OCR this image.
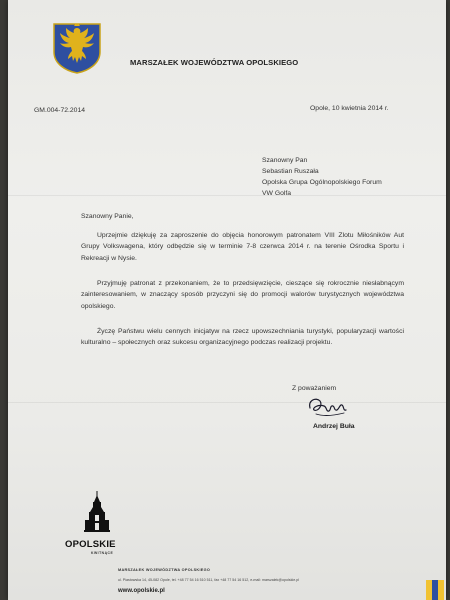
MARSZAŁEK WOJEWÓDZTWA OPOLSKIEGO
GM.004-72.2014	Opole, 10 kwietnia 2014 r.
Szanowny Pan
Sebastian Ruszała
Opolska Grupa Ogólnopolskiego Forum
VW Golfa
Szanowny Panie,

Uprzejmie dziękuję za zaproszenie do objęcia honorowym patronatem VIII Zlotu Miłośników Aut Grupy Volkswagena, który odbędzie się w terminie 7-8 czerwca 2014 r. na terenie Ośrodka Sportu i Rekreacji w Nysie.

Przyjmuję patronat z przekonaniem, że to przedsięwzięcie, cieszące się rokrocznie niesłabnącym zainteresowaniem, w znaczący sposób przyczyni się do promocji walorów turystycznych województwa opolskiego.

Życzę Państwu wielu cennych inicjatyw na rzecz upowszechniania turystyki, popularyzacji wartości kulturalno – społecznych oraz sukcesu organizacyjnego podczas realizacji projektu.

Z poważaniem
Andrzej Buła
OPOLSKIE
KWITNĄCE
MARSZAŁEK WOJEWÓDZTWA OPOLSKIEGO
ul. Piastowska 14, 45-082 Opole, tel. +48 77 54 16 510 511, fax +48 77 54 16 512, e-mail: marszalek@opolskie.pl
www.opolskie.pl
